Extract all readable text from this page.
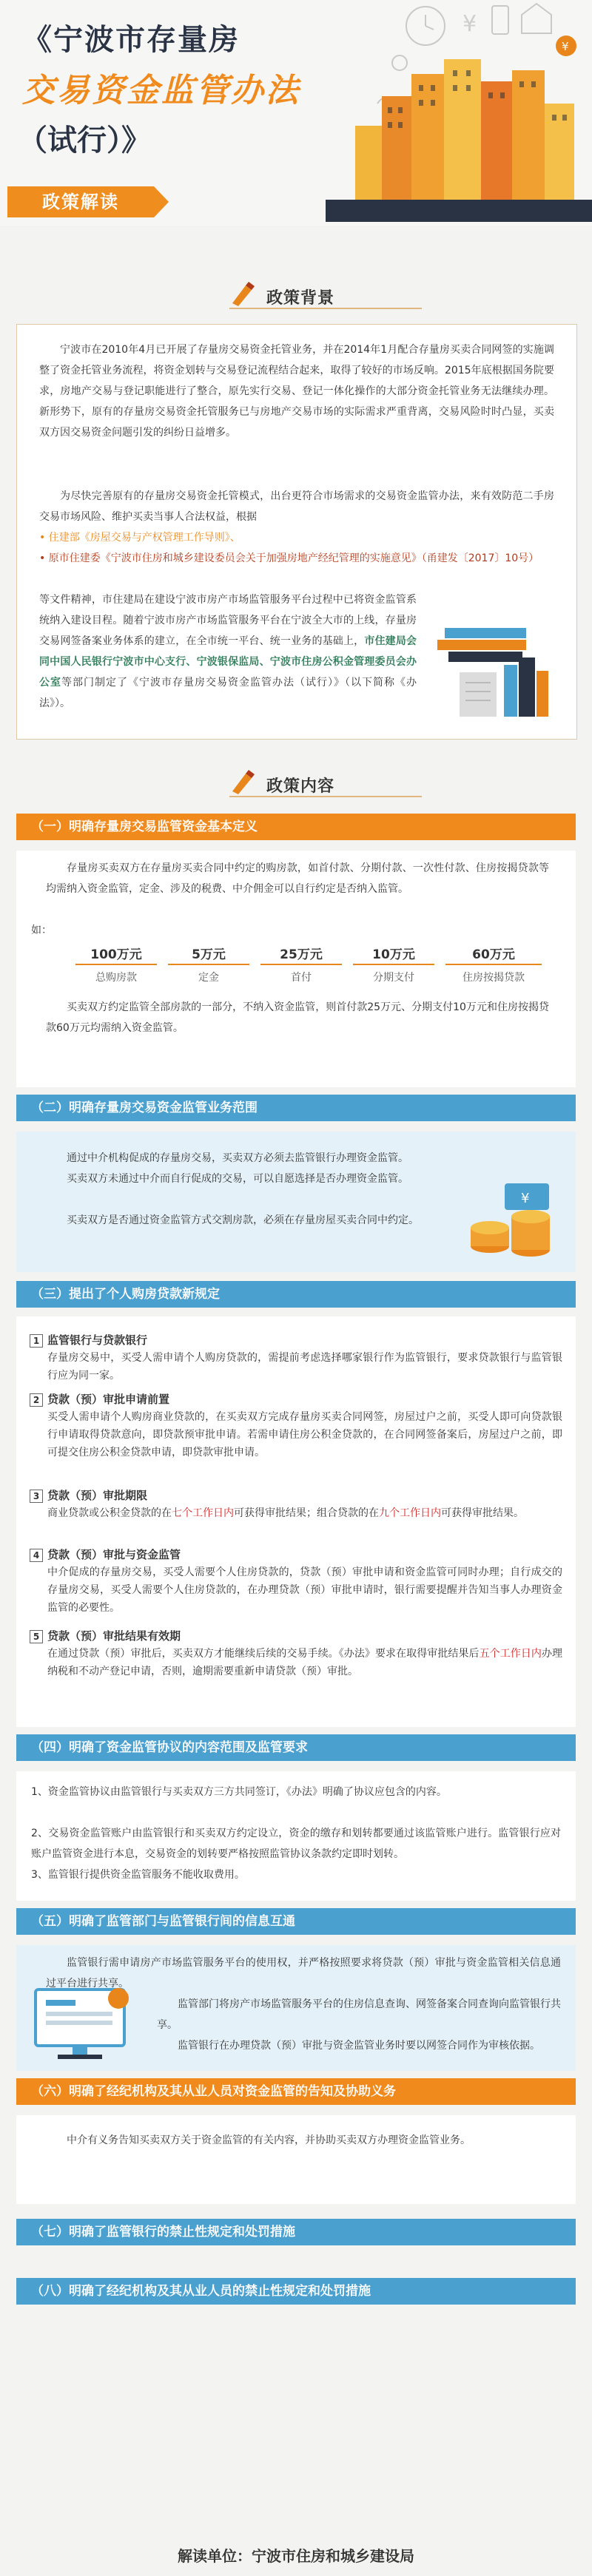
《宁波市存量房
交易资金监管办法
（试行）》
政策解读
¥
¥
政策背景
宁波市在2010年4月已开展了存量房交易资金托管业务，并在2014年1月配合存量房买卖合同网签的实施调整了资金托管业务流程，将资金划转与交易登记流程结合起来，取得了较好的市场反响。2015年底根据国务院要求，房地产交易与登记职能进行了整合，原先实行交易、登记一体化操作的大部分资金托管业务无法继续办理。新形势下，原有的存量房交易资金托管服务已与房地产交易市场的实际需求严重背离，交易风险时时凸显，买卖双方因交易资金问题引发的纠纷日益增多。
为尽快完善原有的存量房交易资金托管模式，出台更符合市场需求的交易资金监管办法，来有效防范二手房交易市场风险、维护买卖当事人合法权益，根据
• 住建部《房屋交易与产权管理工作导则》、
• 原市住建委《宁波市住房和城乡建设委员会关于加强房地产经纪管理的实施意见》（甬建发〔2017〕10号）
等文件精神，市住建局在建设宁波市房产市场监管服务平台过程中已将资金监管系统纳入建设目程。随着宁波市房产市场监管服务平台在宁波全大市的上线，存量房交易网签备案业务体系的建立，在全市统一平台、统一业务的基础上，市住建局会同中国人民银行宁波市中心支行、宁波银保监局、宁波市住房公积金管理委员会办公室等部门制定了《宁波市存量房交易资金监管办法（试行）》（以下简称《办法》）。
政策内容
（一）明确存量房交易监管资金基本定义
存量房买卖双方在存量房买卖合同中约定的购房款，如首付款、分期付款、一次性付款、住房按揭贷款等均需纳入资金监管，定金、涉及的税费、中介佣金可以自行约定是否纳入监管。
如：
100万元
总购房款
5万元
定金
25万元
首付
10万元
分期支付
60万元
住房按揭贷款
买卖双方约定监管全部房款的一部分，不纳入资金监管，则首付款25万元、分期支付10万元和住房按揭贷款60万元均需纳入资金监管。
（二）明确存量房交易资金监管业务范围
通过中介机构促成的存量房交易，买卖双方必须去监管银行办理资金监管。
买卖双方未通过中介而自行促成的交易，可以自愿选择是否办理资金监管。
买卖双方是否通过资金监管方式交割房款，必须在存量房屋买卖合同中约定。
¥
（三）提出了个人购房贷款新规定
1 监管银行与贷款银行
存量房交易中，买受人需申请个人购房贷款的，需提前考虑选择哪家银行作为监管银行，要求贷款银行与监管银行应为同一家。
2 贷款（预）审批申请前置
买受人需申请个人购房商业贷款的，在买卖双方完成存量房买卖合同网签，房屋过户之前，买受人即可向贷款银行申请取得贷款意向，即贷款预审批申请。若需申请住房公积金贷款的，在合同网签备案后，房屋过户之前，即可提交住房公积金贷款申请，即贷款审批申请。
3 贷款（预）审批期限
商业贷款或公积金贷款的在七个工作日内可获得审批结果；组合贷款的在九个工作日内可获得审批结果。
4 贷款（预）审批与资金监管
中介促成的存量房交易，买受人需要个人住房贷款的，贷款（预）审批申请和资金监管可同时办理；自行成交的存量房交易，买受人需要个人住房贷款的，在办理贷款（预）审批申请时，银行需要提醒并告知当事人办理资金监管的必要性。
5 贷款（预）审批结果有效期
在通过贷款（预）审批后，买卖双方才能继续后续的交易手续。《办法》要求在取得审批结果后五个工作日内办理纳税和不动产登记申请，否则，逾期需要重新申请贷款（预）审批。
（四）明确了资金监管协议的内容范围及监管要求
1、资金监管协议由监管银行与买卖双方三方共同签订，《办法》明确了协议应包含的内容。
2、交易资金监管账户由监管银行和买卖双方约定设立，资金的缴存和划转都要通过该监管账户进行。监管银行应对账户监管资金进行本息，交易资金的划转要严格按照监管协议条款约定即时划转。
3、监管银行提供资金监管服务不能收取费用。
（五）明确了监管部门与监管银行间的信息互通
监管银行需申请房产市场监管服务平台的使用权，并严格按照要求将贷款（预）审批与资金监管相关信息通过平台进行共享。
监管部门将房产市场监管服务平台的住房信息查询、网签备案合同查询向监管银行共享。
监管银行在办理贷款（预）审批与资金监管业务时要以网签合同作为审核依据。
（六）明确了经纪机构及其从业人员对资金监管的告知及协助义务
中介有义务告知买卖双方关于资金监管的有关内容，并协助买卖双方办理资金监管业务。
（七）明确了监管银行的禁止性规定和处罚措施
（八）明确了经纪机构及其从业人员的禁止性规定和处罚措施
解读单位：宁波市住房和城乡建设局
